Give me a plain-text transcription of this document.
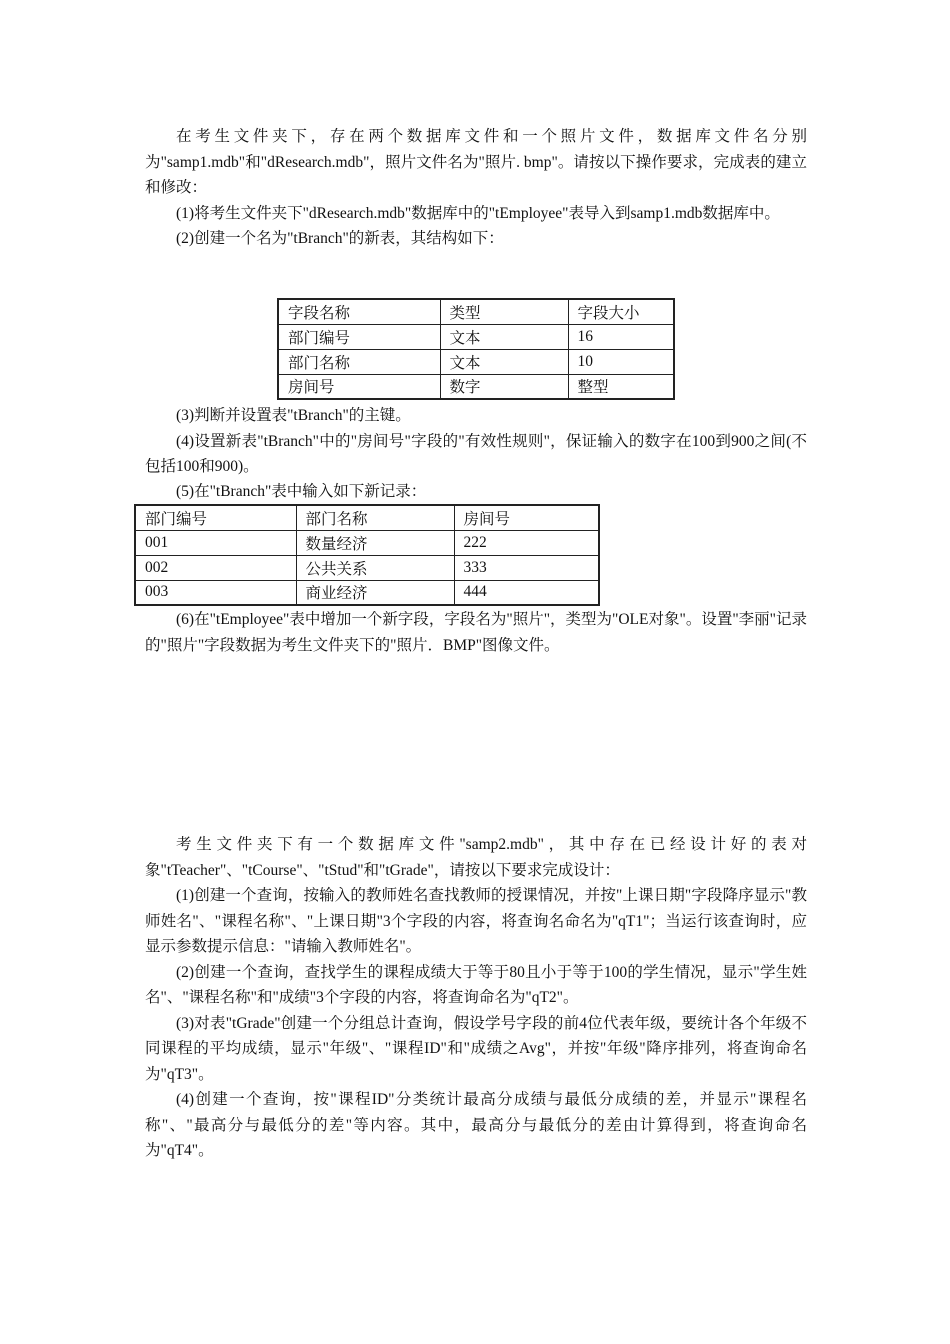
在考生文件夹下，存在两个数据库文件和一个照片文件，数据库文件名分别为"samp1.mdb"和"dResearch.mdb"，照片文件名为"照片. bmp"。请按以下操作要求，完成表的建立和修改：

(1)将考生文件夹下"dResearch.mdb"数据库中的"tEmployee"表导入到samp1.mdb数据库中。

(2)创建一个名为"tBranch"的新表，其结构如下：

字段名称	类型	字段大小
部门编号	文本	16
部门名称	文本	10
房间号	数字	整型

(3)判断并设置表"tBranch"的主键。

(4)设置新表"tBranch"中的"房间号"字段的"有效性规则"，保证输入的数字在100到900之间(不包括100和900)。

(5)在"tBranch"表中输入如下新记录：

部门编号	部门名称	房间号
001	数量经济	222
002	公共关系	333
003	商业经济	444

(6)在"tEmployee"表中增加一个新字段，字段名为"照片"，类型为"OLE对象"。设置"李丽"记录的"照片"字段数据为考生文件夹下的"照片．BMP"图像文件。

考生文件夹下有一个数据库文件"samp2.mdb"，其中存在已经设计好的表对象"tTeacher"、"tCourse"、"tStud"和"tGrade"，请按以下要求完成设计：

(1)创建一个查询，按输入的教师姓名查找教师的授课情况，并按"上课日期"字段降序显示"教师姓名"、"课程名称"、"上课日期"3个字段的内容，将查询名命名为"qT1"；当运行该查询时，应显示参数提示信息："请输入教师姓名"。

(2)创建一个查询，查找学生的课程成绩大于等于80且小于等于100的学生情况，显示"学生姓名"、"课程名称"和"成绩"3个字段的内容，将查询命名为"qT2"。

(3)对表"tGrade"创建一个分组总计查询，假设学号字段的前4位代表年级，要统计各个年级不同课程的平均成绩，显示"年级"、"课程ID"和"成绩之Avg"，并按"年级"降序排列，将查询命名为"qT3"。

(4)创建一个查询，按"课程ID"分类统计最高分成绩与最低分成绩的差，并显示"课程名称"、"最高分与最低分的差"等内容。其中，最高分与最低分的差由计算得到，将查询命名为"qT4"。
